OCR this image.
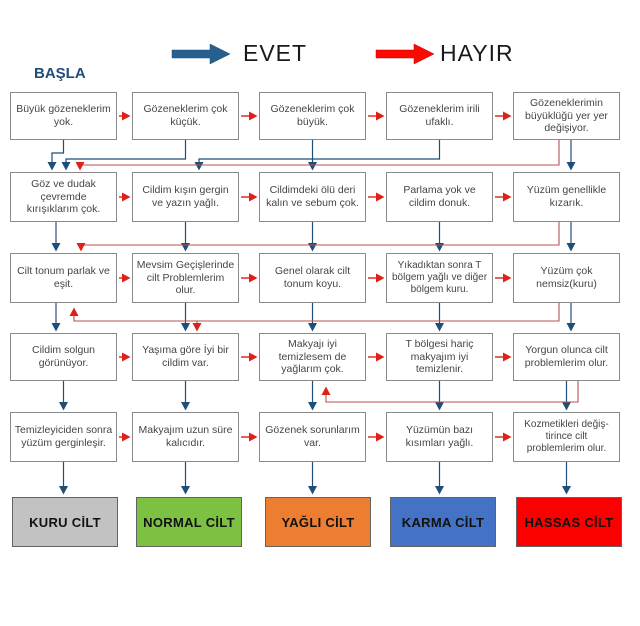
EVET	HAYIR
BAŞLA
Büyük gözeneklerim yok.
Gözeneklerim çok küçük.
Gözeneklerim çok büyük.
Gözeneklerim irili ufaklı.
Gözeneklerimin büyüklüğü yer yer değişiyor.
Göz ve dudak çevremde kırışıklarım çok.
Cildim kışın gergin ve yazın yağlı.
Cildimdeki ölü deri kalın ve sebum çok.
Parlama yok ve cildim donuk.
Yüzüm genellikle kızarık.
Cilt tonum parlak ve eşit.
Mevsim Geçişlerinde cilt Problemlerim olur.
Genel olarak cilt tonum koyu.
Yıkadıktan sonra T bölgem yağlı ve diğer bölgem kuru.
Yüzüm çok nemsiz(kuru)
Cildim solgun görünüyor.
Yaşıma göre İyi bir cildim var.
Makyajı iyi temizlesem de yağlarım çok.
T bölgesi hariç makyajım iyi temizlenir.
Yorgun olunca cilt problemlerim olur.
Temizleyiciden sonra yüzüm gerginleşir.
Makyajım uzun süre kalıcıdır.
Gözenek sorunlarım var.
Yüzümün bazı kısımları yağlı.
Kozmetikleri değiş-tirince cilt problemlerim olur.
KURU CİLT	NORMAL CİLT	YAĞLI CİLT	KARMA CİLT	HASSAS CİLT
